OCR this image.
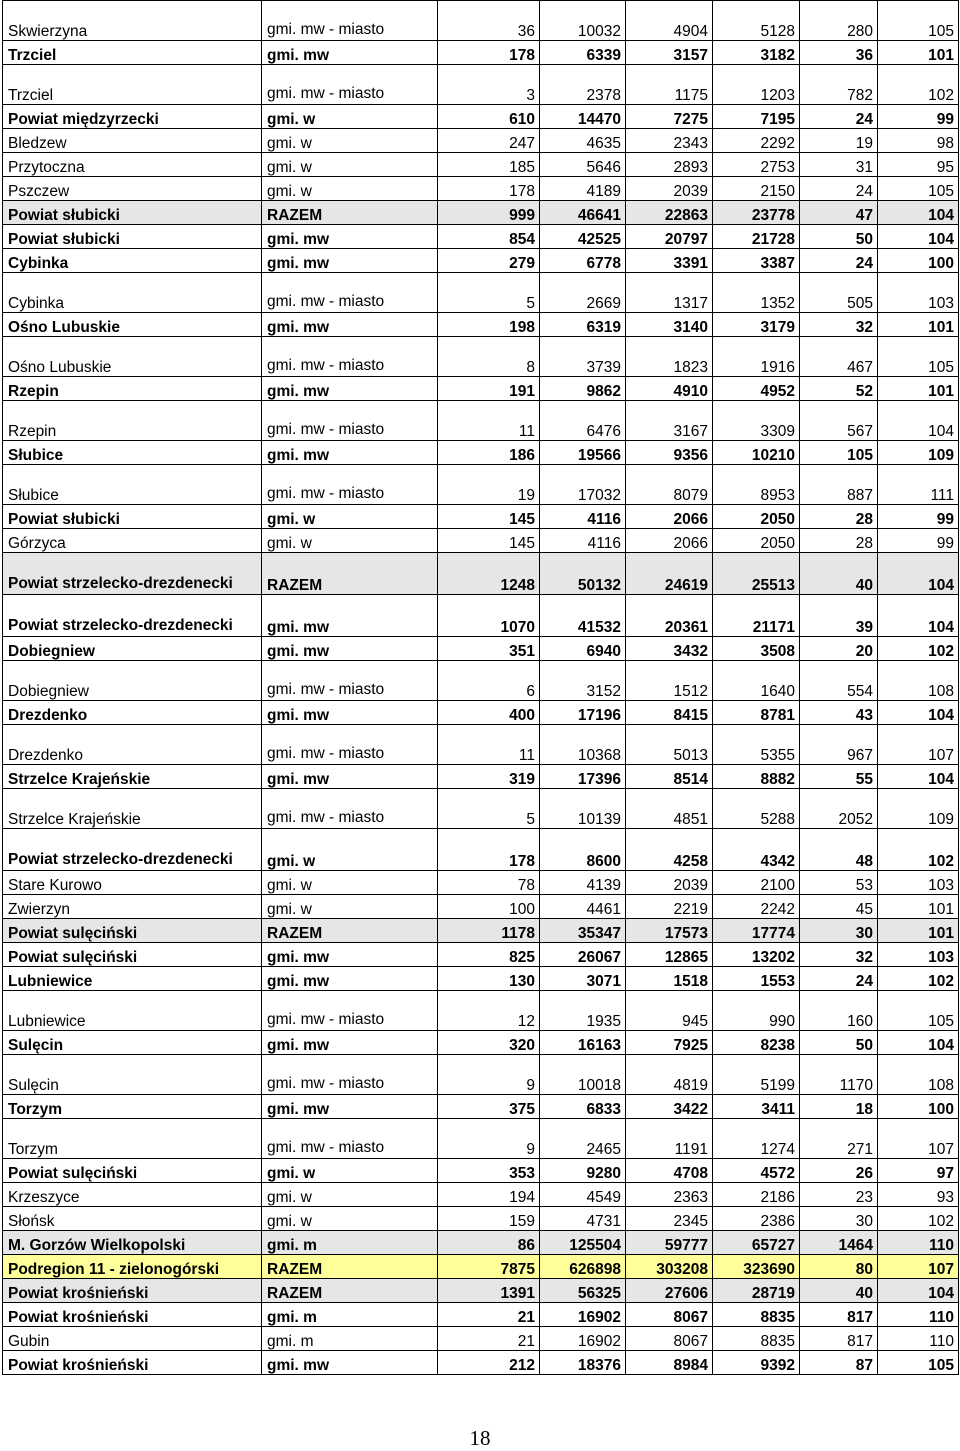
Skwierzyna	gmi. mw - miasto	36	10032	4904	5128	280	105
Trzciel	gmi. mw	178	6339	3157	3182	36	101
Trzciel	gmi. mw - miasto	3	2378	1175	1203	782	102
Powiat międzyrzecki	gmi. w	610	14470	7275	7195	24	99
Bledzew	gmi. w	247	4635	2343	2292	19	98
Przytoczna	gmi. w	185	5646	2893	2753	31	95
Pszczew	gmi. w	178	4189	2039	2150	24	105
Powiat słubicki	RAZEM	999	46641	22863	23778	47	104
Powiat słubicki	gmi. mw	854	42525	20797	21728	50	104
Cybinka	gmi. mw	279	6778	3391	3387	24	100
Cybinka	gmi. mw - miasto	5	2669	1317	1352	505	103
Ośno Lubuskie	gmi. mw	198	6319	3140	3179	32	101
Ośno Lubuskie	gmi. mw - miasto	8	3739	1823	1916	467	105
Rzepin	gmi. mw	191	9862	4910	4952	52	101
Rzepin	gmi. mw - miasto	11	6476	3167	3309	567	104
Słubice	gmi. mw	186	19566	9356	10210	105	109
Słubice	gmi. mw - miasto	19	17032	8079	8953	887	111
Powiat słubicki	gmi. w	145	4116	2066	2050	28	99
Górzyca	gmi. w	145	4116	2066	2050	28	99
Powiat strzelecko-drezdenecki	RAZEM	1248	50132	24619	25513	40	104
Powiat strzelecko-drezdenecki	gmi. mw	1070	41532	20361	21171	39	104
Dobiegniew	gmi. mw	351	6940	3432	3508	20	102
Dobiegniew	gmi. mw - miasto	6	3152	1512	1640	554	108
Drezdenko	gmi. mw	400	17196	8415	8781	43	104
Drezdenko	gmi. mw - miasto	11	10368	5013	5355	967	107
Strzelce Krajeńskie	gmi. mw	319	17396	8514	8882	55	104
Strzelce Krajeńskie	gmi. mw - miasto	5	10139	4851	5288	2052	109
Powiat strzelecko-drezdenecki	gmi. w	178	8600	4258	4342	48	102
Stare Kurowo	gmi. w	78	4139	2039	2100	53	103
Zwierzyn	gmi. w	100	4461	2219	2242	45	101
Powiat sulęciński	RAZEM	1178	35347	17573	17774	30	101
Powiat sulęciński	gmi. mw	825	26067	12865	13202	32	103
Lubniewice	gmi. mw	130	3071	1518	1553	24	102
Lubniewice	gmi. mw - miasto	12	1935	945	990	160	105
Sulęcin	gmi. mw	320	16163	7925	8238	50	104
Sulęcin	gmi. mw - miasto	9	10018	4819	5199	1170	108
Torzym	gmi. mw	375	6833	3422	3411	18	100
Torzym	gmi. mw - miasto	9	2465	1191	1274	271	107
Powiat sulęciński	gmi. w	353	9280	4708	4572	26	97
Krzeszyce	gmi. w	194	4549	2363	2186	23	93
Słońsk	gmi. w	159	4731	2345	2386	30	102
M. Gorzów Wielkopolski	gmi. m	86	125504	59777	65727	1464	110
Podregion 11 - zielonogórski	RAZEM	7875	626898	303208	323690	80	107
Powiat krośnieński	RAZEM	1391	56325	27606	28719	40	104
Powiat krośnieński	gmi. m	21	16902	8067	8835	817	110
Gubin	gmi. m	21	16902	8067	8835	817	110
Powiat krośnieński	gmi. mw	212	18376	8984	9392	87	105
18
